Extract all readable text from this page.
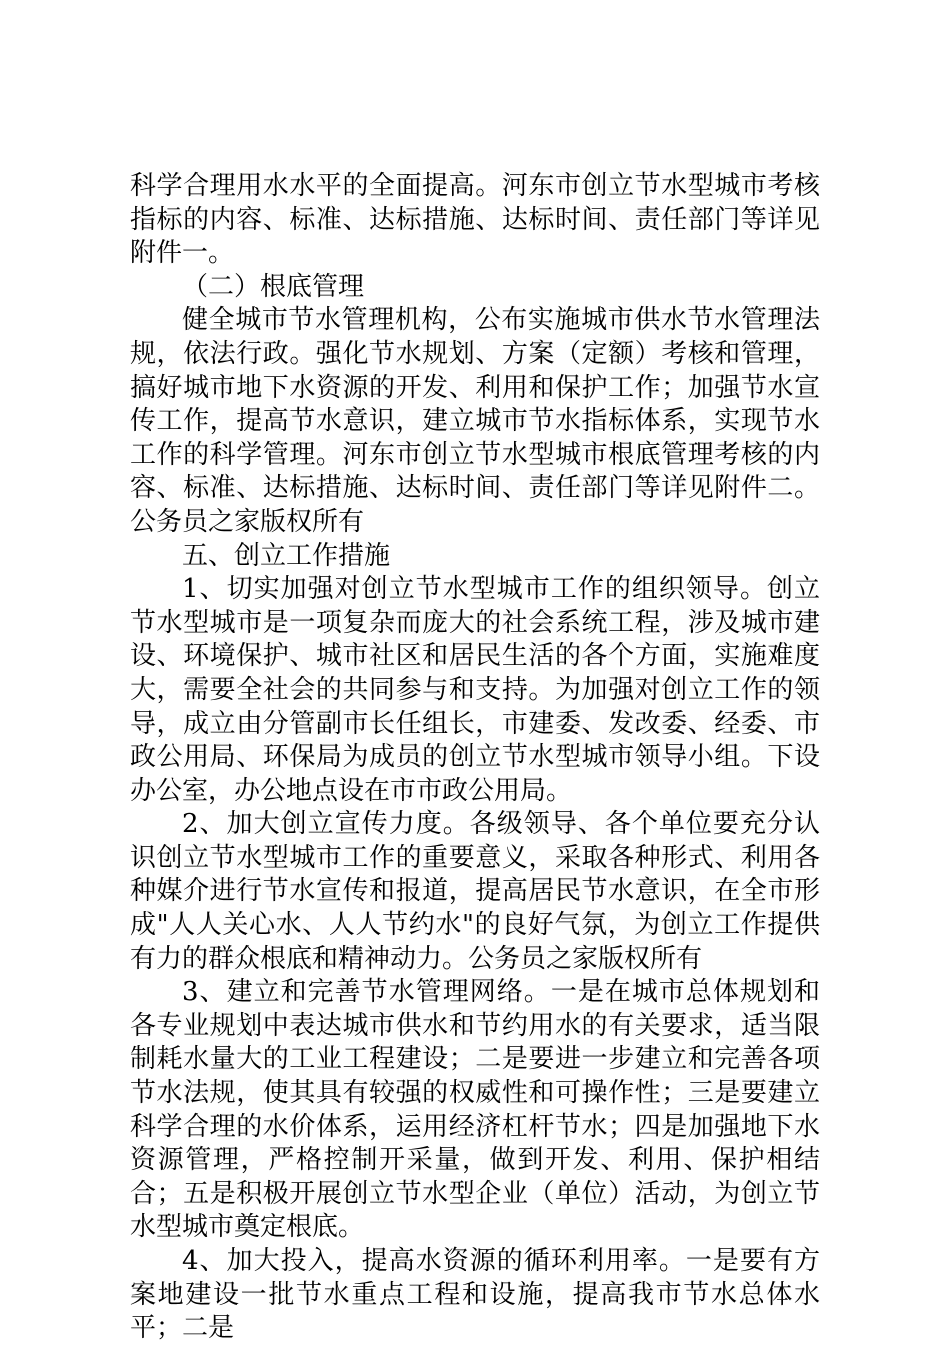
科学合理用水水平的全面提高。河东市创立节水型城市考核指标的内容、标准、达标措施、达标时间、责任部门等详见附件一。

（二）根底管理

健全城市节水管理机构，公布实施城市供水节水管理法规，依法行政。强化节水规划、方案（定额）考核和管理，搞好城市地下水资源的开发、利用和保护工作；加强节水宣传工作，提高节水意识，建立城市节水指标体系，实现节水工作的科学管理。河东市创立节水型城市根底管理考核的内容、标准、达标措施、达标时间、责任部门等详见附件二。公务员之家版权所有

五、创立工作措施

1、切实加强对创立节水型城市工作的组织领导。创立节水型城市是一项复杂而庞大的社会系统工程，涉及城市建设、环境保护、城市社区和居民生活的各个方面，实施难度大，需要全社会的共同参与和支持。为加强对创立工作的领导，成立由分管副市长任组长，市建委、发改委、经委、市政公用局、环保局为成员的创立节水型城市领导小组。下设办公室，办公地点设在市市政公用局。

2、加大创立宣传力度。各级领导、各个单位要充分认识创立节水型城市工作的重要意义，采取各种形式、利用各种媒介进行节水宣传和报道，提高居民节水意识，在全市形成"人人关心水、人人节约水"的良好气氛，为创立工作提供有力的群众根底和精神动力。公务员之家版权所有

3、建立和完善节水管理网络。一是在城市总体规划和各专业规划中表达城市供水和节约用水的有关要求，适当限制耗水量大的工业工程建设；二是要进一步建立和完善各项节水法规，使其具有较强的权威性和可操作性；三是要建立科学合理的水价体系，运用经济杠杆节水；四是加强地下水资源管理，严格控制开采量，做到开发、利用、保护相结合；五是积极开展创立节水型企业（单位）活动，为创立节水型城市奠定根底。

4、加大投入，提高水资源的循环利用率。一是要有方案地建设一批节水重点工程和设施，提高我市节水总体水平；二是
